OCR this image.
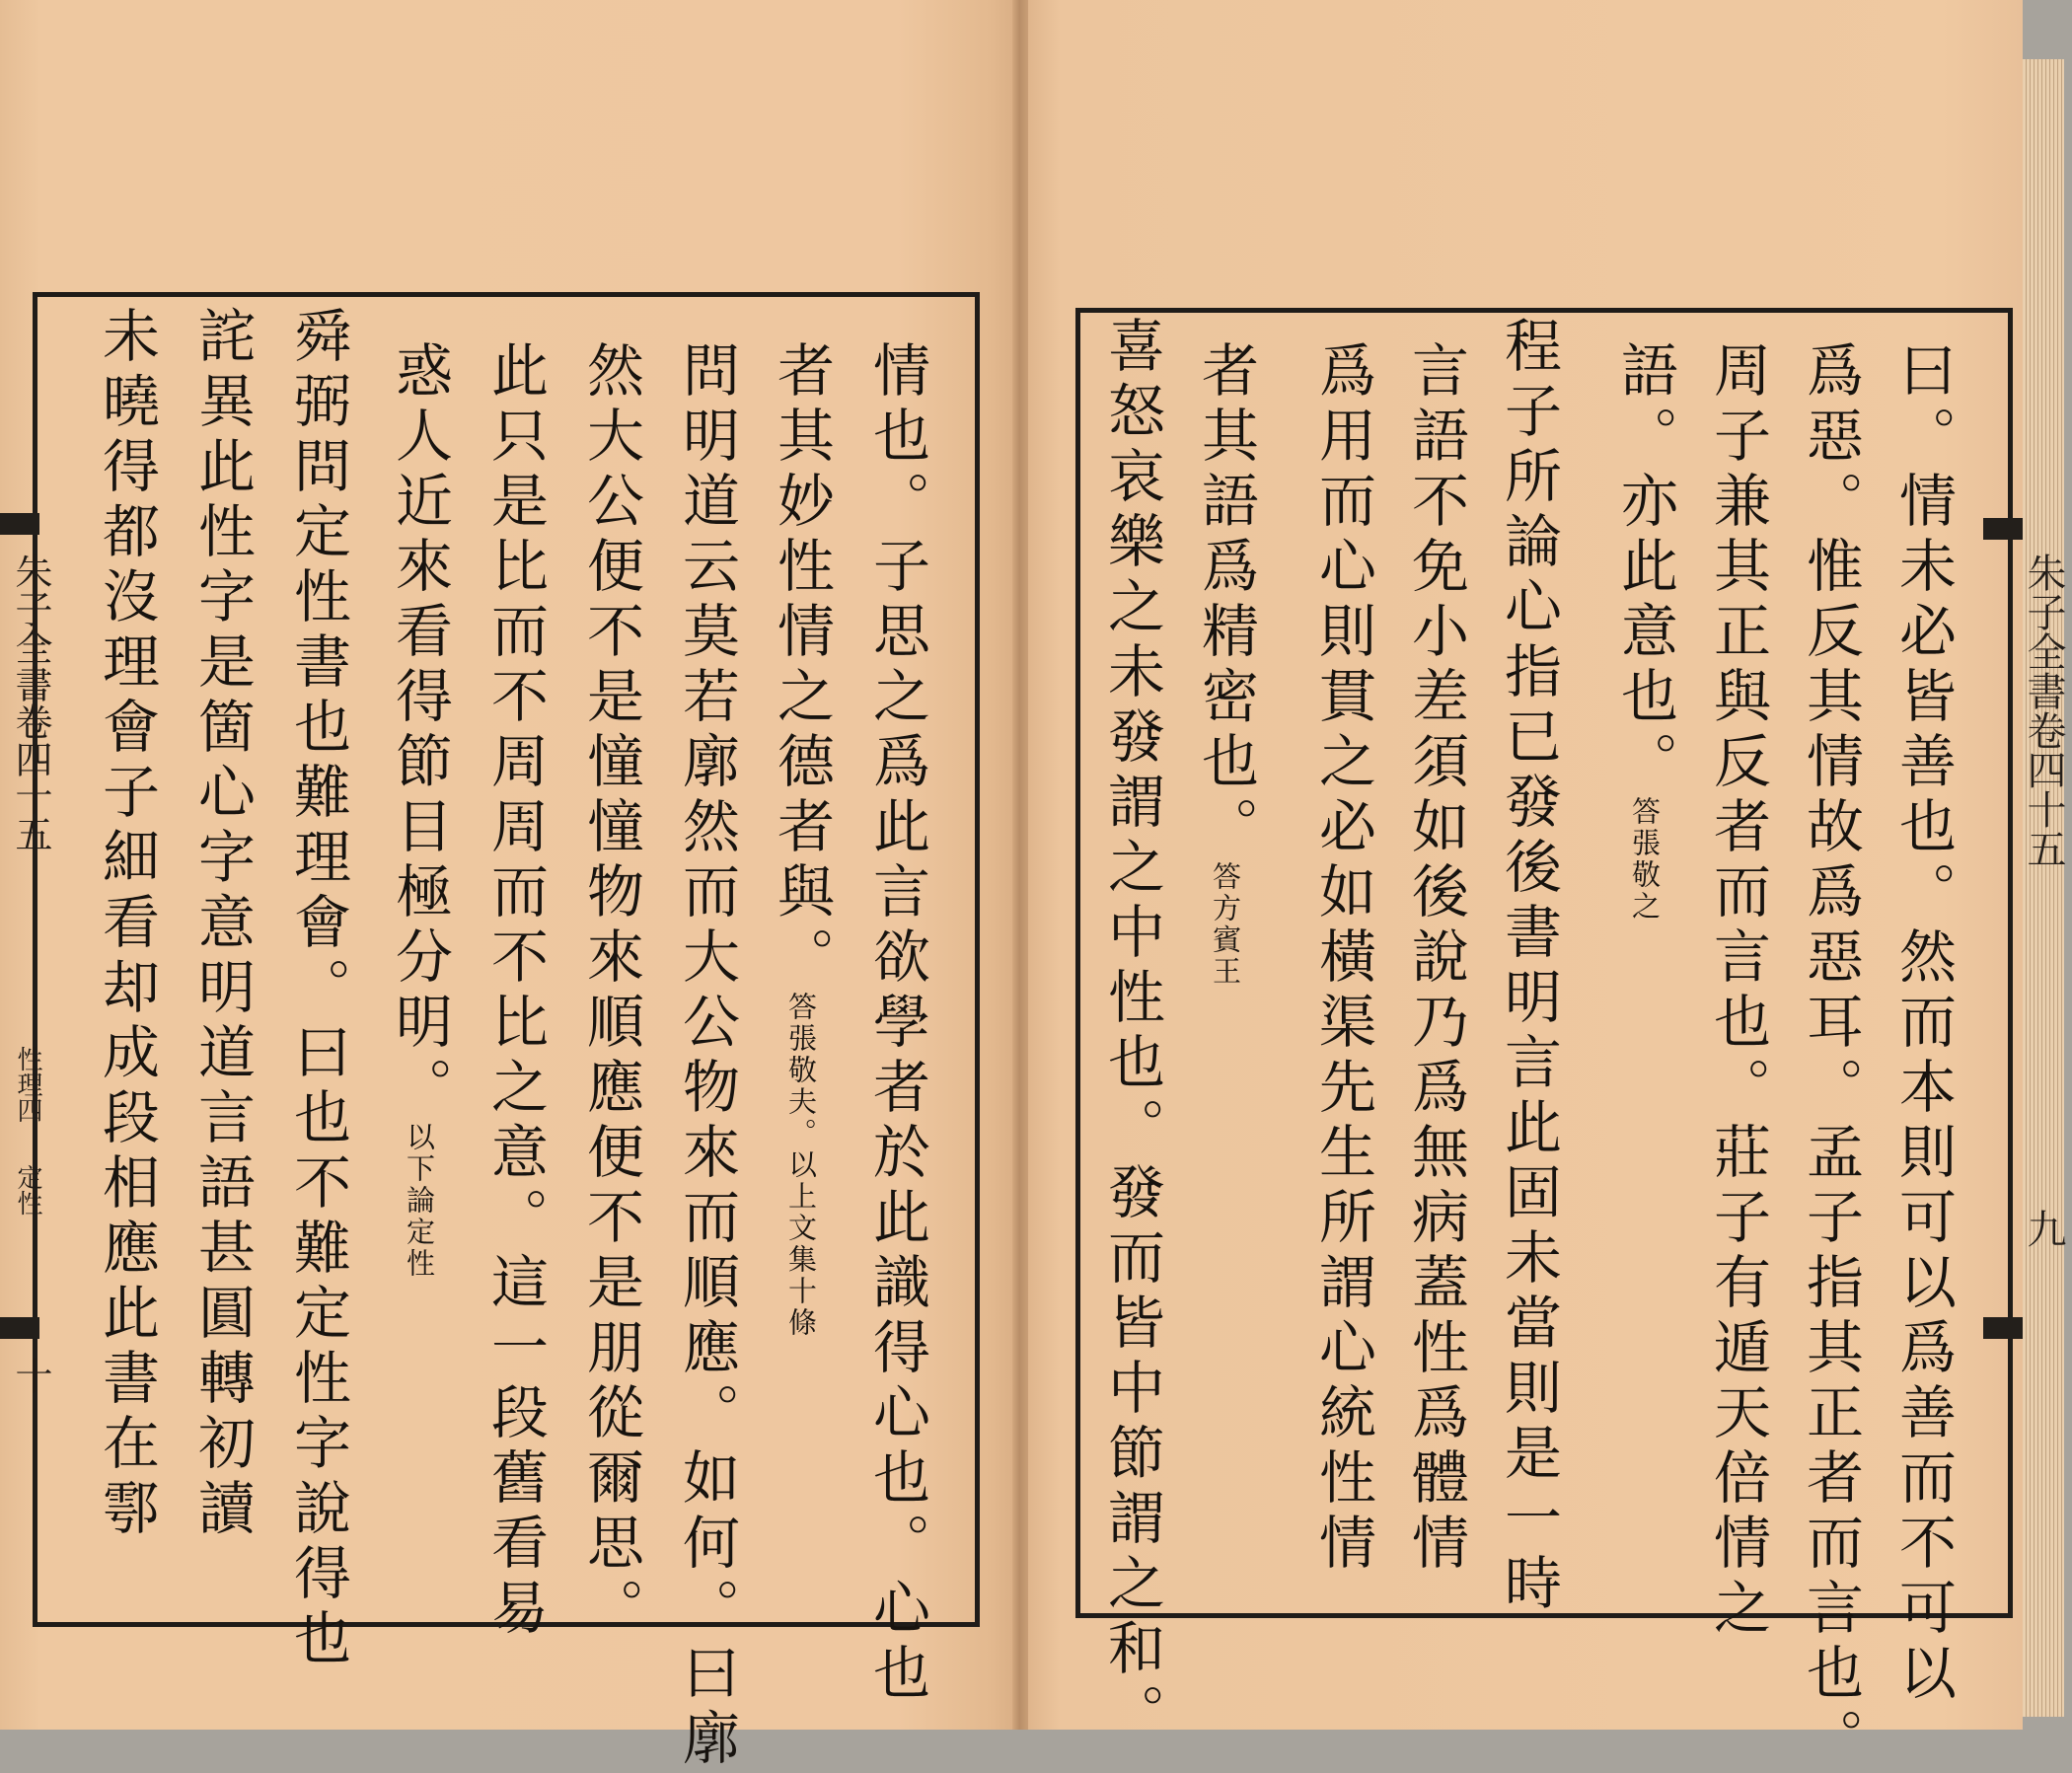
情也。子思之爲此言欲學者於此識得心也。心也
者其妙性情之德者與。答張敬夫。以上文集十條
問明道云莫若廓然而大公物來而順應。如何。曰廓
然大公便不是憧憧物來順應便不是朋從爾思。
此只是比而不周周而不比之意。這一段舊看易
惑人近來看得節目極分明。以下論定性
舜弼問定性書也難理會。曰也不難定性字說得也
詫異此性字是箇心字意明道言語甚圓轉初讀
未曉得都沒理會子細看却成段相應此書在鄠
朱子全書卷四十五
性理四
定性
十	曰。情未必皆善也。然而本則可以爲善而不可以
爲惡。惟反其情故爲惡耳。孟子指其正者而言也。
周子兼其正與反者而言也。莊子有遁天倍情之
語。亦此意也。答張敬之
程子所論心指已發後書明言此固未當則是一時
言語不免小差須如後說乃爲無病蓋性爲體情
爲用而心則貫之必如橫渠先生所謂心統性情
者其語爲精密也。答方賓王
喜怒哀樂之未發謂之中性也。發而皆中節謂之和。	朱子全書卷四十五
九
